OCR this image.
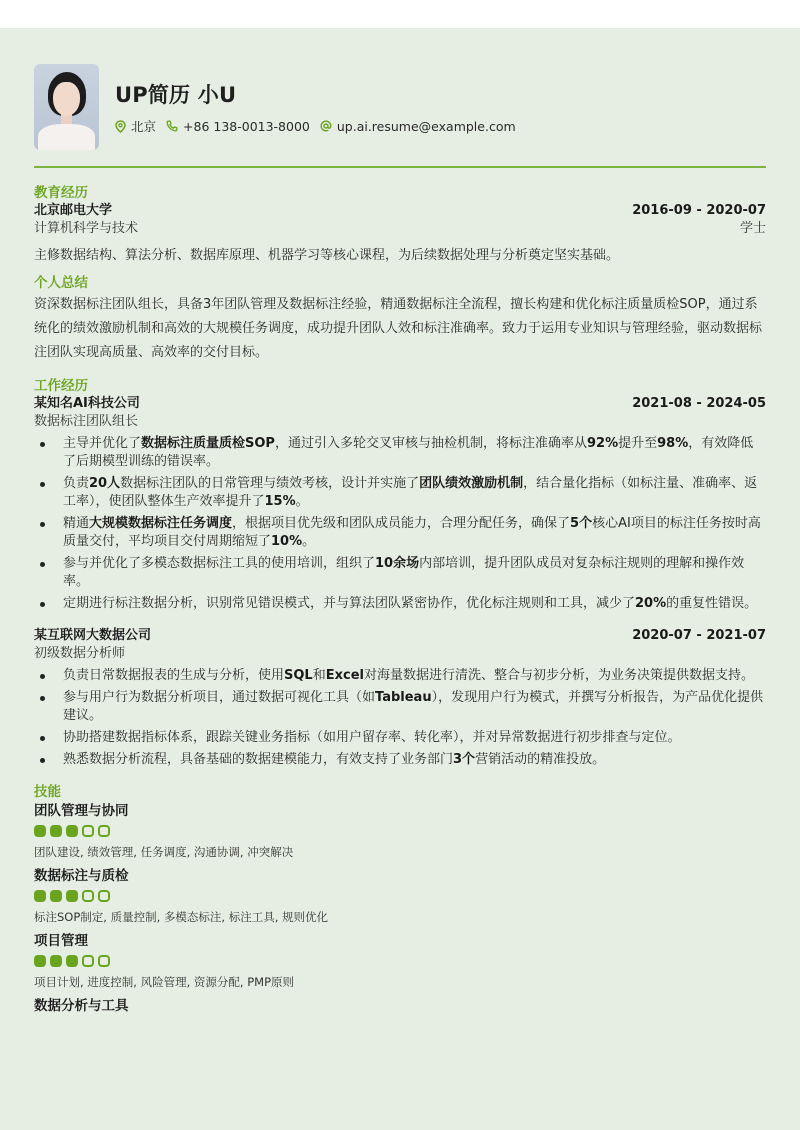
UP简历 小U
北京 +86 138-0013-8000 up.ai.resume@example.com
教育经历
北京邮电大学	2016-09 - 2020-07
计算机科学与技术	学士
主修数据结构、算法分析、数据库原理、机器学习等核心课程，为后续数据处理与分析奠定坚实基础。
个人总结
资深数据标注团队组长，具备3年团队管理及数据标注经验，精通数据标注全流程，擅长构建和优化标注质量质检SOP，通过系统化的绩效激励机制和高效的大规模任务调度，成功提升团队人效和标注准确率。致力于运用专业知识与管理经验，驱动数据标注团队实现高质量、高效率的交付目标。
工作经历
某知名AI科技公司	2021-08 - 2024-05
数据标注团队组长
主导并优化了数据标注质量质检SOP，通过引入多轮交叉审核与抽检机制，将标注准确率从92%提升至98%，有效降低了后期模型训练的错误率。
负责20人数据标注团队的日常管理与绩效考核，设计并实施了团队绩效激励机制，结合量化指标（如标注量、准确率、返工率），使团队整体生产效率提升了15%。
精通大规模数据标注任务调度，根据项目优先级和团队成员能力，合理分配任务，确保了5个核心AI项目的标注任务按时高质量交付，平均项目交付周期缩短了10%。
参与并优化了多模态数据标注工具的使用培训，组织了10余场内部培训，提升团队成员对复杂标注规则的理解和操作效率。
定期进行标注数据分析，识别常见错误模式，并与算法团队紧密协作，优化标注规则和工具，减少了20%的重复性错误。
某互联网大数据公司	2020-07 - 2021-07
初级数据分析师
负责日常数据报表的生成与分析，使用SQL和Excel对海量数据进行清洗、整合与初步分析，为业务决策提供数据支持。
参与用户行为数据分析项目，通过数据可视化工具（如Tableau），发现用户行为模式，并撰写分析报告，为产品优化提供建议。
协助搭建数据指标体系，跟踪关键业务指标（如用户留存率、转化率），并对异常数据进行初步排查与定位。
熟悉数据分析流程，具备基础的数据建模能力，有效支持了业务部门3个营销活动的精准投放。
技能
团队管理与协同
团队建设, 绩效管理, 任务调度, 沟通协调, 冲突解决
数据标注与质检
标注SOP制定, 质量控制, 多模态标注, 标注工具, 规则优化
项目管理
项目计划, 进度控制, 风险管理, 资源分配, PMP原则
数据分析与工具
